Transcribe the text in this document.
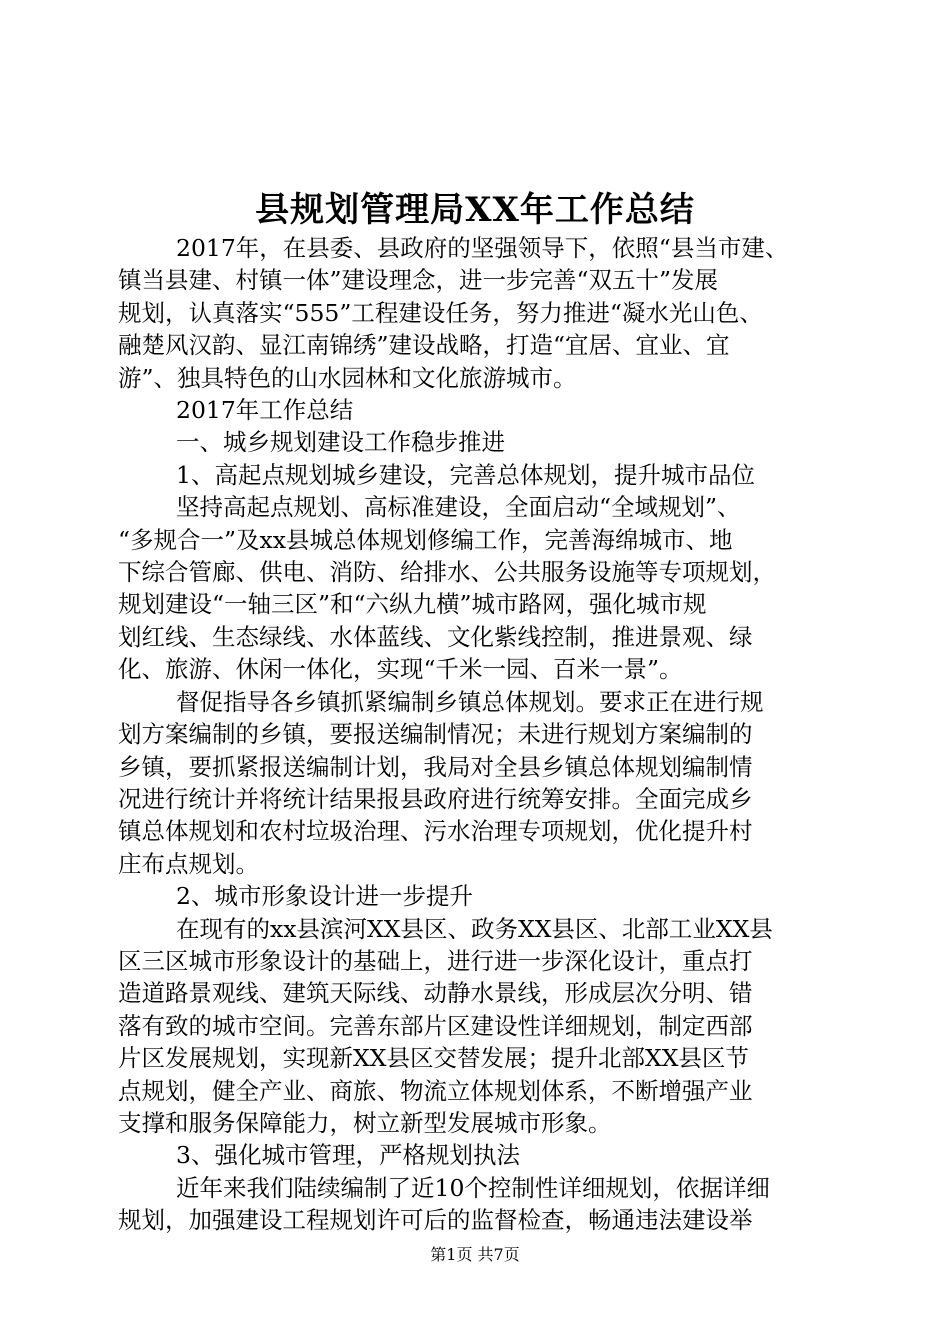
县规划管理局XX年工作总结
2017年，在县委、县政府的坚强领导下，依照“县当市建、
镇当县建、村镇一体”建设理念，进一步完善“双五十”发展
规划，认真落实“555”工程建设任务，努力推进“凝水光山色、
融楚风汉韵、显江南锦绣”建设战略，打造“宜居、宜业、宜
游”、独具特色的山水园林和文化旅游城市。
2017年工作总结
一、城乡规划建设工作稳步推进
1、高起点规划城乡建设，完善总体规划，提升城市品位
坚持高起点规划、高标准建设，全面启动“全域规划”、
“多规合一”及xx县城总体规划修编工作，完善海绵城市、地
下综合管廊、供电、消防、给排水、公共服务设施等专项规划，
规划建设“一轴三区”和“六纵九横”城市路网，强化城市规
划红线、生态绿线、水体蓝线、文化紫线控制，推进景观、绿
化、旅游、休闲一体化，实现“千米一园、百米一景”。
督促指导各乡镇抓紧编制乡镇总体规划。要求正在进行规
划方案编制的乡镇，要报送编制情况；未进行规划方案编制的
乡镇，要抓紧报送编制计划，我局对全县乡镇总体规划编制情
况进行统计并将统计结果报县政府进行统筹安排。全面完成乡
镇总体规划和农村垃圾治理、污水治理专项规划，优化提升村
庄布点规划。
2、城市形象设计进一步提升
在现有的xx县滨河XX县区、政务XX县区、北部工业XX县
区三区城市形象设计的基础上，进行进一步深化设计，重点打
造道路景观线、建筑天际线、动静水景线，形成层次分明、错
落有致的城市空间。完善东部片区建设性详细规划，制定西部
片区发展规划，实现新XX县区交替发展；提升北部XX县区节
点规划，健全产业、商旅、物流立体规划体系，不断增强产业
支撑和服务保障能力，树立新型发展城市形象。
3、强化城市管理，严格规划执法
近年来我们陆续编制了近10个控制性详细规划，依据详细
规划，加强建设工程规划许可后的监督检查，畅通违法建设举
第1页 共7页
